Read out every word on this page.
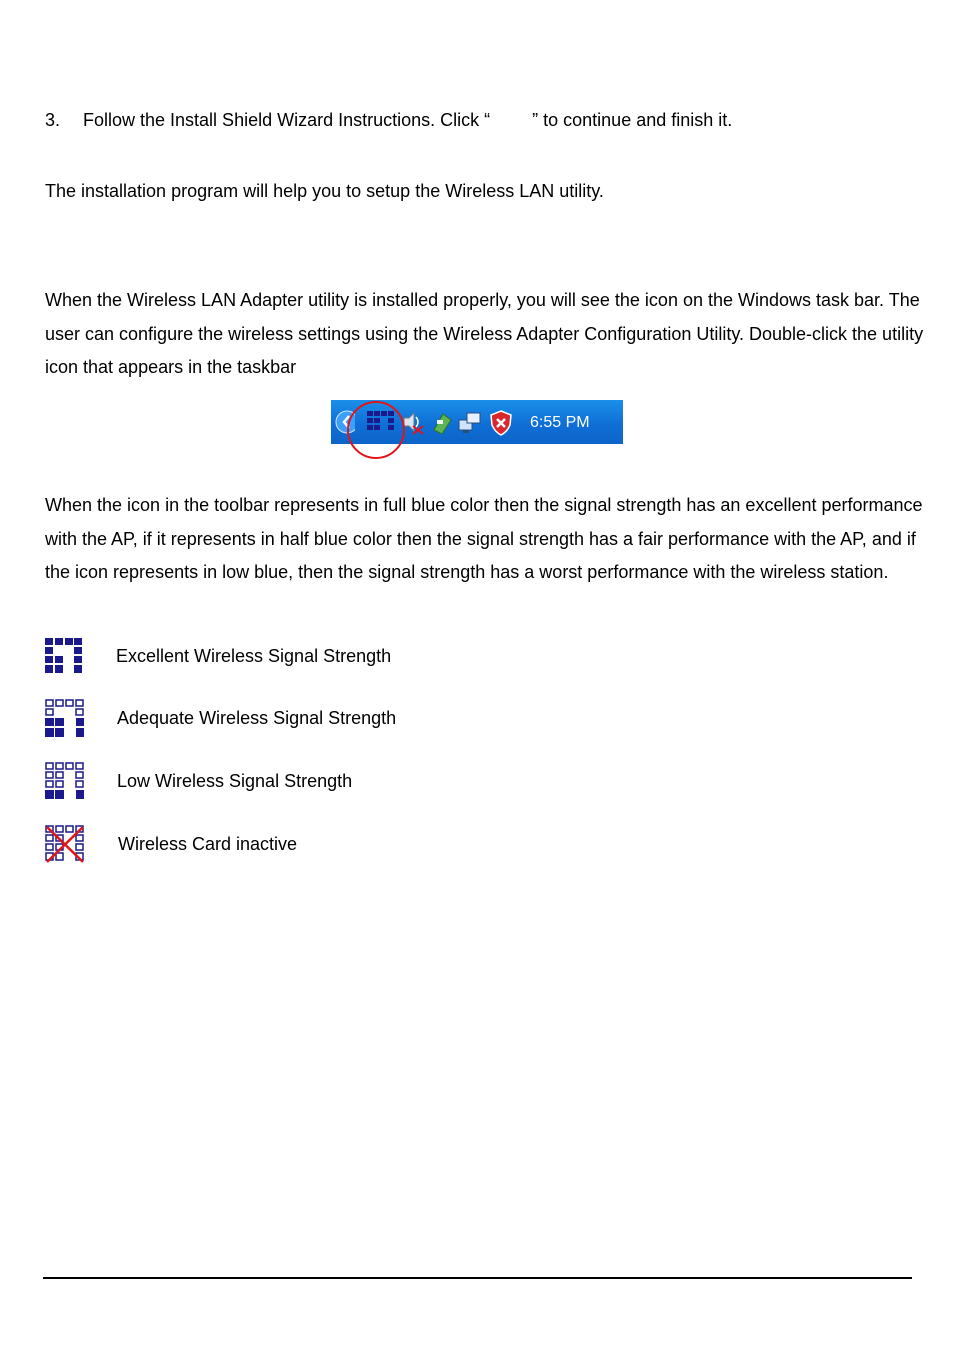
3. Follow the Install Shield Wizard Instructions. Click “ ” to continue and finish it.

The installation program will help you to setup the Wireless LAN utility.

When the Wireless LAN Adapter utility is installed properly, you will see the icon on the Windows task bar. The user can configure the wireless settings using the Wireless Adapter Configuration Utility. Double-click the utility icon that appears in the taskbar

6:55 PM

When the icon in the toolbar represents in full blue color then the signal strength has an excellent performance with the AP, if it represents in half blue color then the signal strength has a fair performance with the AP, and if the icon represents in low blue, then the signal strength has a worst performance with the wireless station.

Excellent Wireless Signal Strength
Adequate Wireless Signal Strength
Low Wireless Signal Strength
Wireless Card inactive
